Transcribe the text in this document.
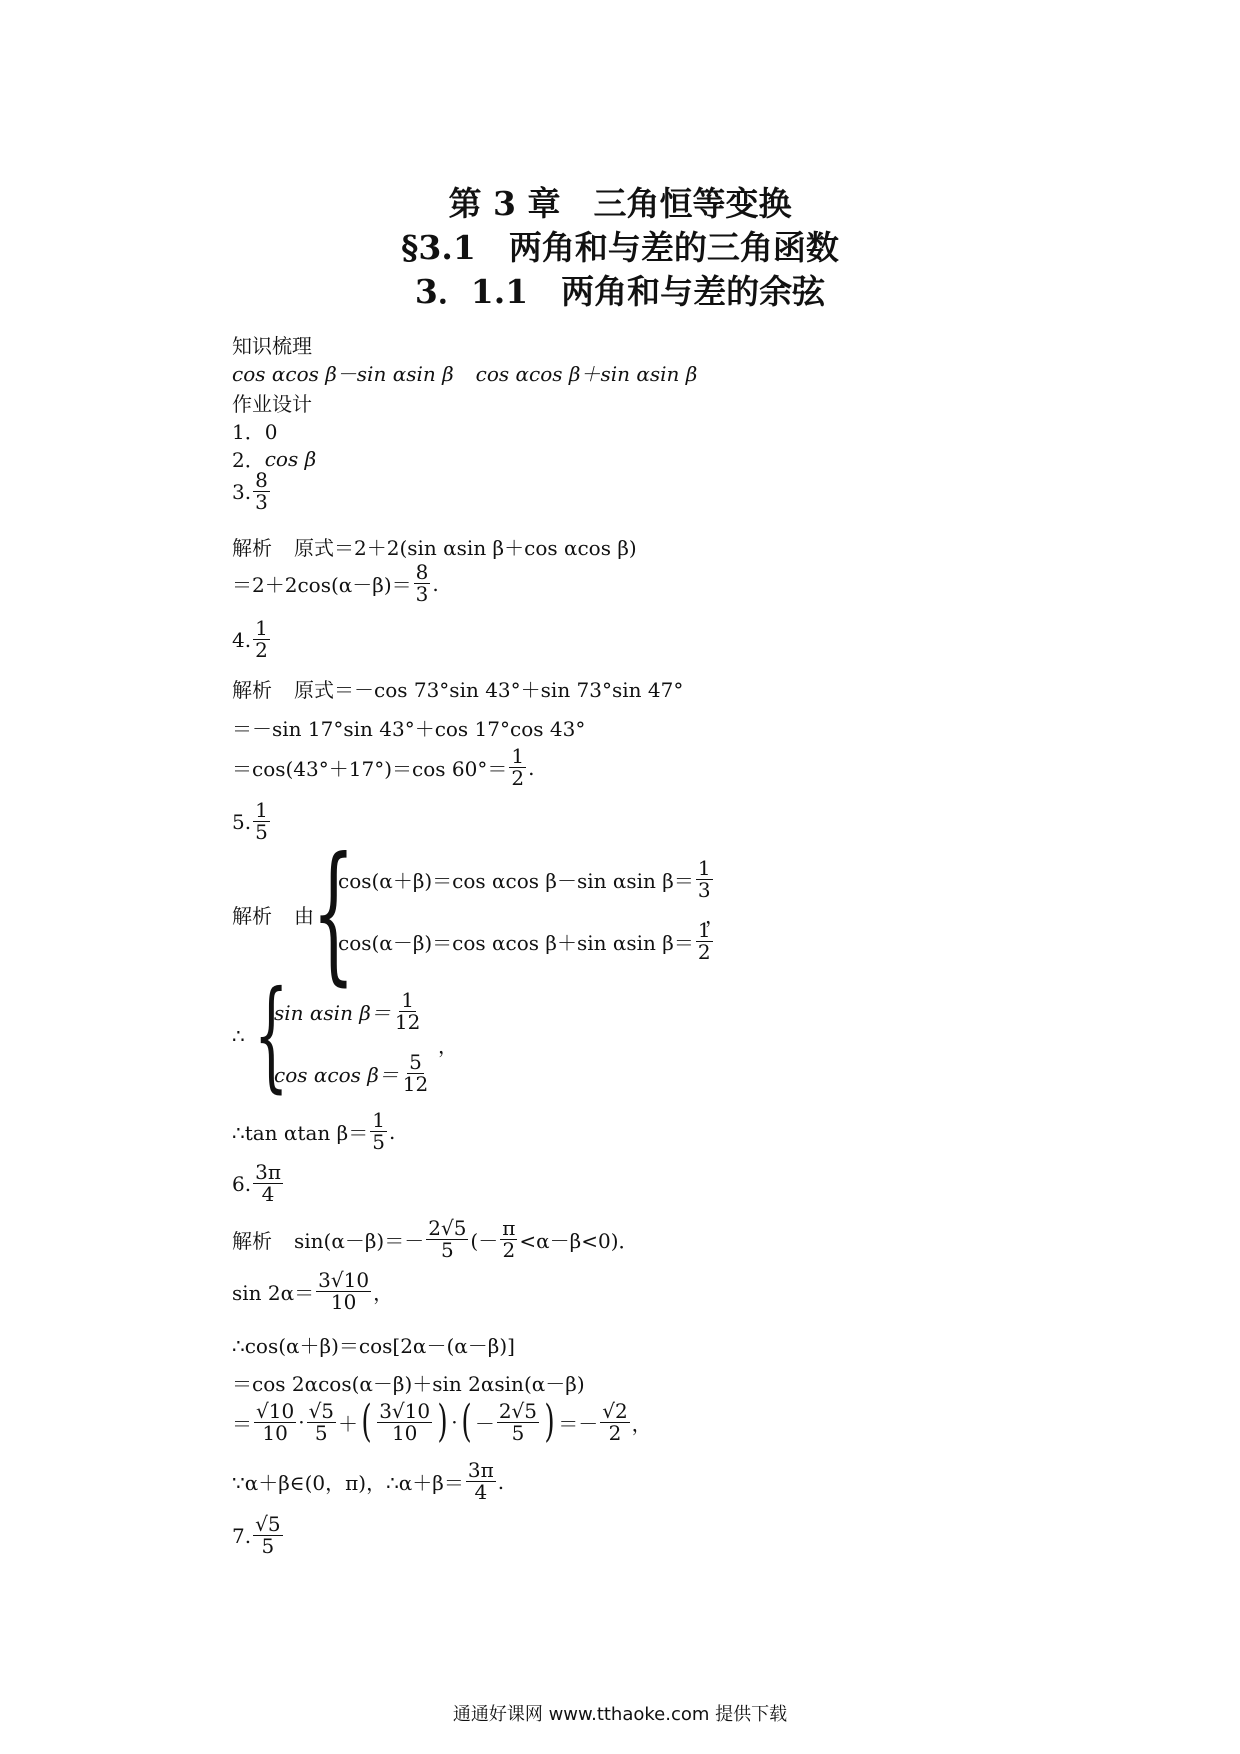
第 3 章　三角恒等变换
§3.1　两角和与差的三角函数
3．1.1　两角和与差的余弦
知识梳理
cos αcos β－sin αsin β cos αcos β＋sin αsin β
作业设计
1．0
2． cos β
3. $\frac{8}{3}$
解析 原式＝ 2＋2(sin αsin β＋cos αcos β)
$=2+2\cos(\alpha-\beta)= \frac{8}{3}$ .
4. $\frac{1}{2}$
解析 原式＝ －cos 73°sin 43°＋sin 73°sin 47°
＝－sin 17°sin 43°＋cos 17°cos 43°
＝cos(43°＋17°)＝cos $60^\circ= \frac{1}{2}$ .
5. $\frac{1}{5}$
解析 由
{
cos(α＋β)＝cos αcos β－sin αsin $\beta= \frac{1}{3}$
cos(α－β)＝cos αcos β＋sin αsin $\beta= \frac{1}{2}$
，
∴ {
sin αsin $\beta= \frac{1}{12}$
cos αcos $\beta= \frac{5}{12}$
，
∴tan αtan $\beta= \frac{1}{5}$ .
6. $\frac{3\pi}{4}$
解析 $\sin(\alpha-\beta)=- \frac{2√5}{5}$ (－ $\frac{\pi}{2} <\alpha-\beta<0$)．
$\sin 2\alpha= \frac{3√10}{10}$ ，
∴cos(α＋β)＝cos[2α－(α－β)]
＝cos 2αcos(α－β)＋sin 2αsin(α－β)
＝ $\frac{√10}{10} \cdot \frac{√5}{5}$ ＋ ( $\frac{3√10}{10}$ ) · ( － $\frac{2√5}{5}$ ) ＝－ $\frac{√2}{2}$ ，
∵α＋β∈(0，π)，∴α＋β＝ $\frac{3\pi}{4}$ .
7. $\frac{√5}{5}$
通通好课网 www.tthaoke.com 提供下载
